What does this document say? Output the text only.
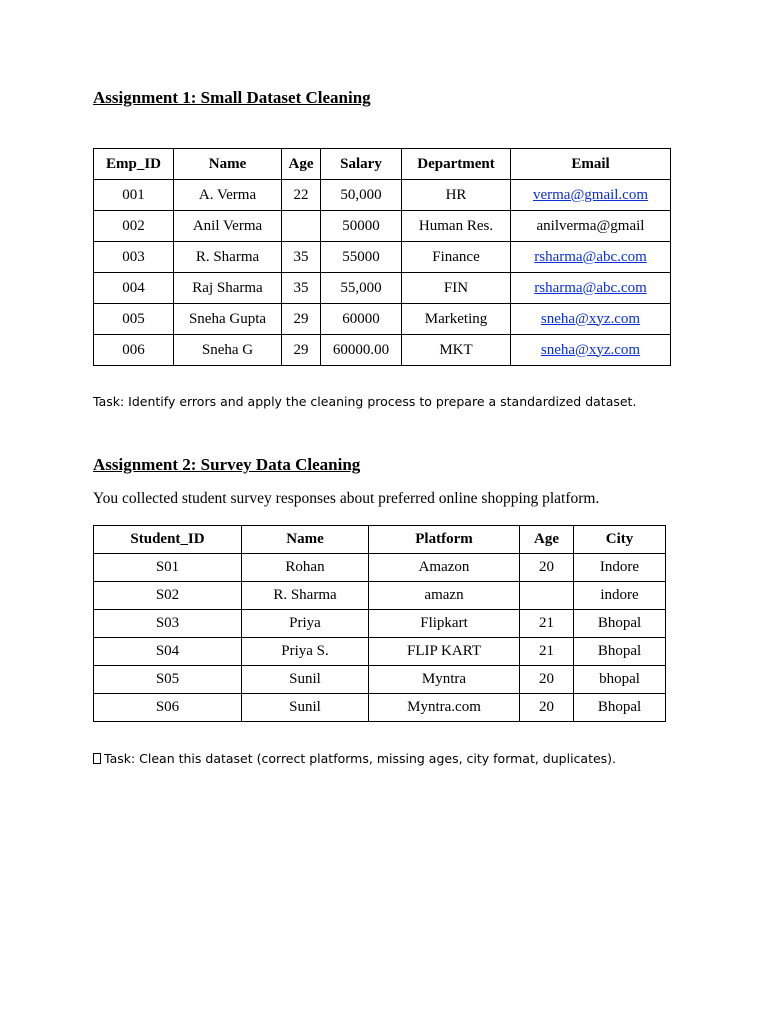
Assignment 1: Small Dataset Cleaning
Emp_ID	Name	Age	Salary	Department	Email
001	A. Verma	22	50,000	HR	verma@gmail.com
002	Anil Verma		50000	Human Res.	anilverma@gmail
003	R. Sharma	35	55000	Finance	rsharma@abc.com
004	Raj Sharma	35	55,000	FIN	rsharma@abc.com
005	Sneha Gupta	29	60000	Marketing	sneha@xyz.com
006	Sneha G	29	60000.00	MKT	sneha@xyz.com

Task: Identify errors and apply the cleaning process to prepare a standardized dataset.

Assignment 2: Survey Data Cleaning

You collected student survey responses about preferred online shopping platform.

Student_ID	Name	Platform	Age	City
S01	Rohan	Amazon	20	Indore
S02	R. Sharma	amazn		indore
S03	Priya	Flipkart	21	Bhopal
S04	Priya S.	FLIP KART	21	Bhopal
S05	Sunil	Myntra	20	bhopal
S06	Sunil	Myntra.com	20	Bhopal

Task: Clean this dataset (correct platforms, missing ages, city format, duplicates).
